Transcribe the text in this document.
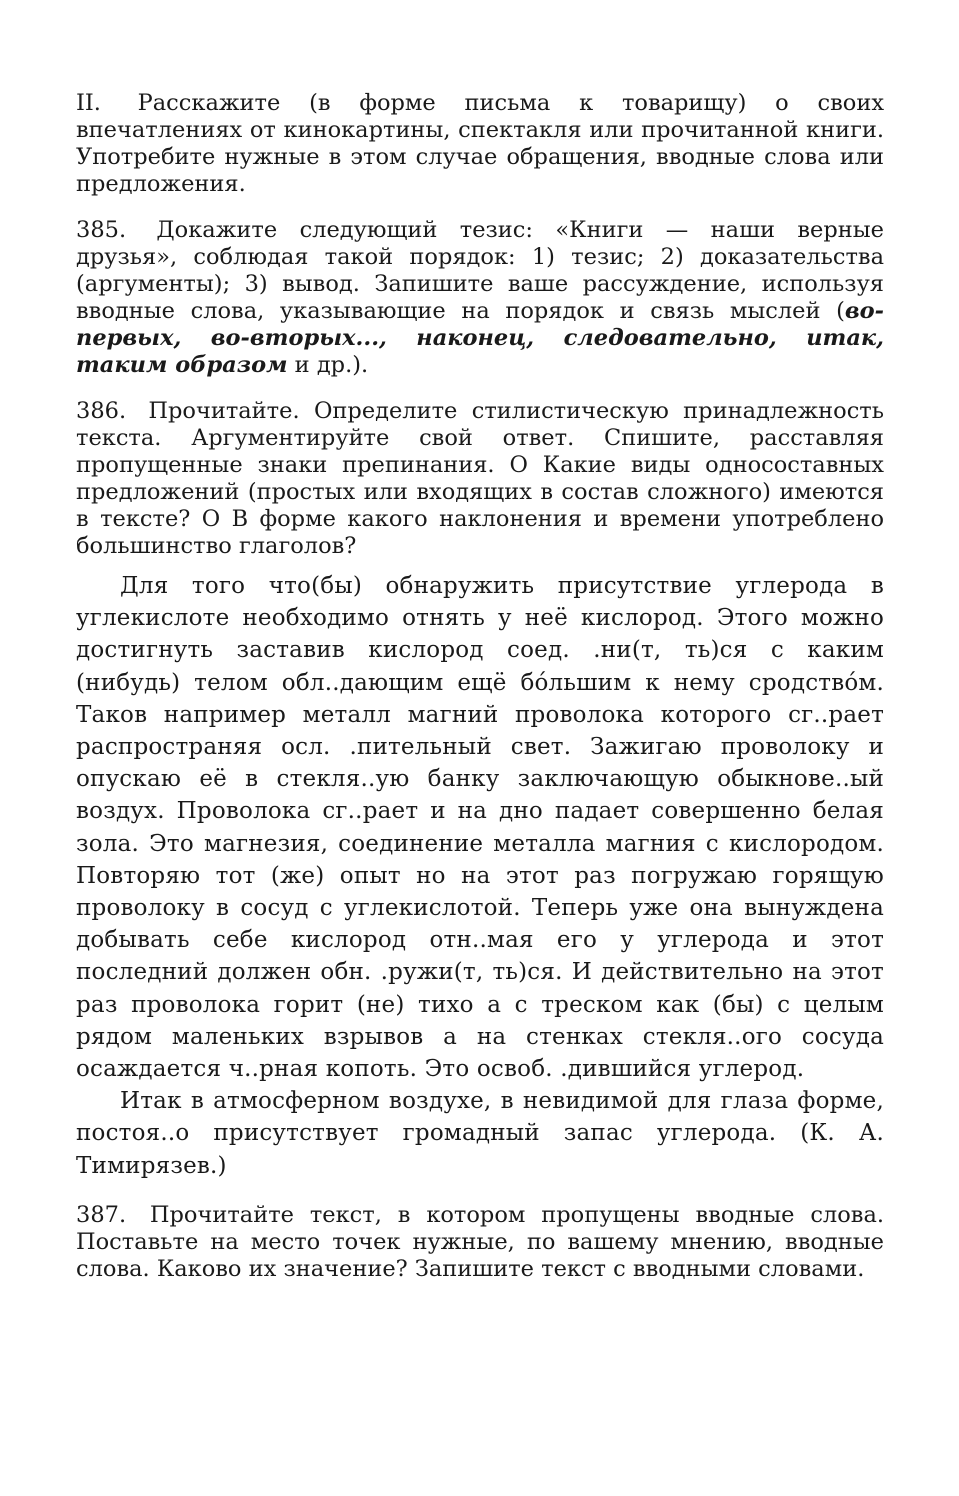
II. Расскажите (в форме письма к товарищу) о своих впечатлениях от кинокартины, спектакля или прочитанной книги. Употребите нужные в этом случае обращения, вводные слова или предложения.

385. Докажите следующий тезис: «Книги — наши верные друзья», соблюдая такой порядок: 1) тезис; 2) доказательства (аргументы); 3) вывод. Запишите ваше рассуждение, используя вводные слова, указывающие на порядок и связь мыслей (во-первых, во-вторых..., наконец, следовательно, итак, таким образом и др.).

386. Прочитайте. Определите стилистическую принадлежность текста. Аргументируйте свой ответ. Спишите, расставляя пропущенные знаки препинания. О Какие виды односоставных предложений (простых или входящих в состав сложного) имеются в тексте? О В форме какого наклонения и времени употреблено большинство глаголов?

Для того что(бы) обнаружить присутствие углерода в углекислоте необходимо отнять у неё кислород. Этого можно достигнуть заставив кислород соед. .ни(т, ть)ся с каким (нибудь) телом обл..дающим ещё бо́льшим к нему сродство́м. Таков например металл магний проволока которого сг..рает распространяя осл. .пительный свет. Зажигаю проволоку и опускаю её в стекля..ую банку заключающую обыкнове..ый воздух. Проволока сг..рает и на дно падает совершенно белая зола. Это магнезия, соединение металла магния с кислородом. Повторяю тот (же) опыт но на этот раз погружаю горящую проволоку в сосуд с углекислотой. Теперь уже она вынуждена добывать себе кислород отн..мая его у углерода и этот последний должен обн. .ружи(т, ть)ся. И действительно на этот раз проволока горит (не) тихо а с треском как (бы) с целым рядом маленьких взрывов а на стенках стекля..ого сосуда осаждается ч..рная копоть. Это освоб. .дившийся углерод.

Итак в атмосферном воздухе, в невидимой для глаза форме, постоя..о присутствует громадный запас углерода. (К. А. Тимирязев.)

387. Прочитайте текст, в котором пропущены вводные слова. Поставьте на место точек нужные, по вашему мнению, вводные слова. Каково их значение? Запишите текст с вводными словами.
